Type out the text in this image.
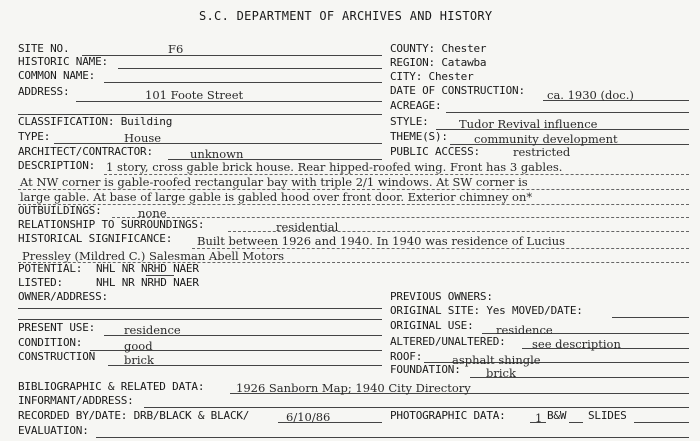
S.C. DEPARTMENT OF ARCHIVES AND HISTORY
SITE NO.	F6
HISTORIC NAME:
COMMON NAME:
ADDRESS:	101 Foote Street
CLASSIFICATION: Building
TYPE:	House
ARCHITECT/CONTRACTOR:	unknown
COUNTY: Chester
REGION: Catawba
CITY: Chester
DATE OF CONSTRUCTION: ca. 1930 (doc.)
ACREAGE:
STYLE:	Tudor Revival influence
THEME(S): community development
PUBLIC ACCESS:	restricted
DESCRIPTION: 1 story, cross gable brick house. Rear hipped-roofed wing. Front has 3 gables.
At NW corner is gable-roofed rectangular bay with triple 2/1 windows. At SW corner is
large gable. At base of large gable is gabled hood over front door. Exterior chimney on*
OUTBUILDINGS:	none
RELATIONSHIP TO SURROUNDINGS:	residential
HISTORICAL SIGNIFICANCE: Built between 1926 and 1940. In 1940 was residence of Lucius
Pressley (Mildred C.) Salesman Abell Motors
POTENTIAL: NHL NR NRHD NAER
LISTED:	NHL NR NRHD NAER
OWNER/ADDRESS:	PREVIOUS OWNERS:
ORIGINAL SITE: Yes MOVED/DATE:
PRESENT USE:	residence
CONDITION:	good
CONSTRUCTION	brick
ORIGINAL USE: residence
ALTERED/UNALTERED: see description
ROOF:	asphalt shingle
FOUNDATION: brick
BIBLIOGRAPHIC & RELATED DATA:	1926 Sanborn Map; 1940 City Directory
INFORMANT/ADDRESS:
RECORDED BY/DATE: DRB/BLACK & BLACK/	6/10/86	PHOTOGRAPHIC DATA:	1 B&W SLIDES
EVALUATION:
